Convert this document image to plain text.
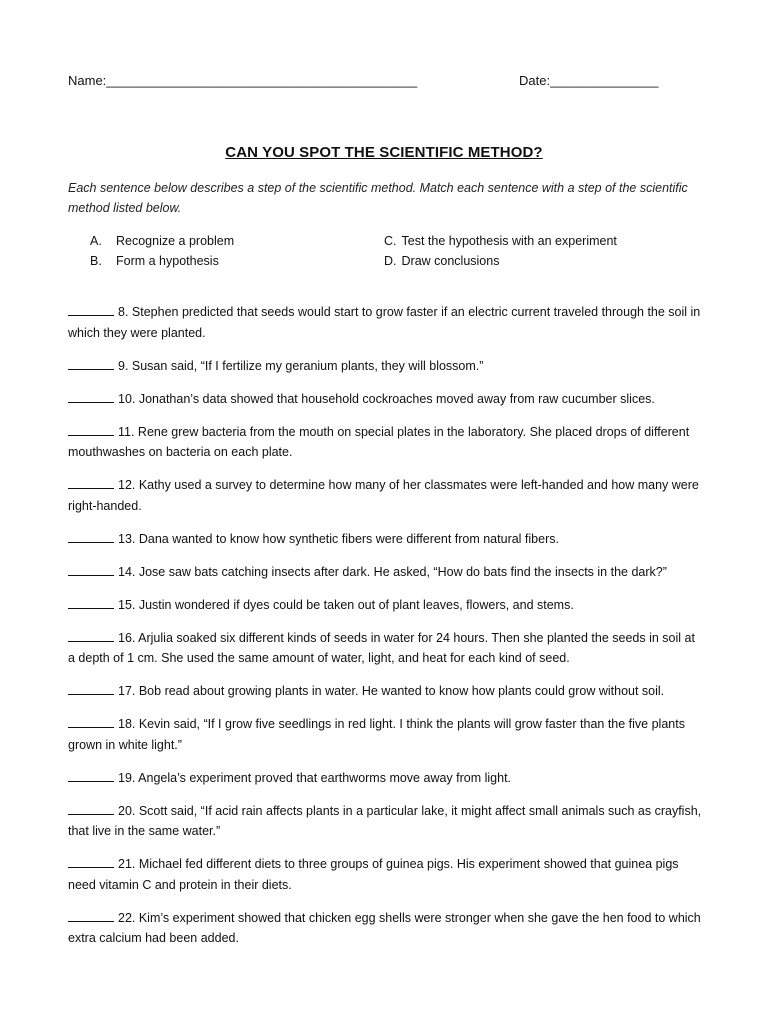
Name:___________________________________________	Date:_______________
CAN YOU SPOT THE SCIENTIFIC METHOD?
Each sentence below describes a step of the scientific method. Match each sentence with a step of the scientific method listed below.
A. Recognize a problem
B. Form a hypothesis
C. Test the hypothesis with an experiment
D. Draw conclusions
8. Stephen predicted that seeds would start to grow faster if an electric current traveled through the soil in which they were planted.
9. Susan said, “If I fertilize my geranium plants, they will blossom.”
10. Jonathan’s data showed that household cockroaches moved away from raw cucumber slices.
11. Rene grew bacteria from the mouth on special plates in the laboratory. She placed drops of different mouthwashes on bacteria on each plate.
12. Kathy used a survey to determine how many of her classmates were left-handed and how many were right-handed.
13. Dana wanted to know how synthetic fibers were different from natural fibers.
14. Jose saw bats catching insects after dark. He asked, “How do bats find the insects in the dark?”
15. Justin wondered if dyes could be taken out of plant leaves, flowers, and stems.
16. Arjulia soaked six different kinds of seeds in water for 24 hours. Then she planted the seeds in soil at a depth of 1 cm. She used the same amount of water, light, and heat for each kind of seed.
17. Bob read about growing plants in water. He wanted to know how plants could grow without soil.
18. Kevin said, “If I grow five seedlings in red light. I think the plants will grow faster than the five plants grown in white light.”
19. Angela’s experiment proved that earthworms move away from light.
20. Scott said, “If acid rain affects plants in a particular lake, it might affect small animals such as crayfish, that live in the same water.”
21. Michael fed different diets to three groups of guinea pigs. His experiment showed that guinea pigs need vitamin C and protein in their diets.
22. Kim’s experiment showed that chicken egg shells were stronger when she gave the hen food to which extra calcium had been added.
